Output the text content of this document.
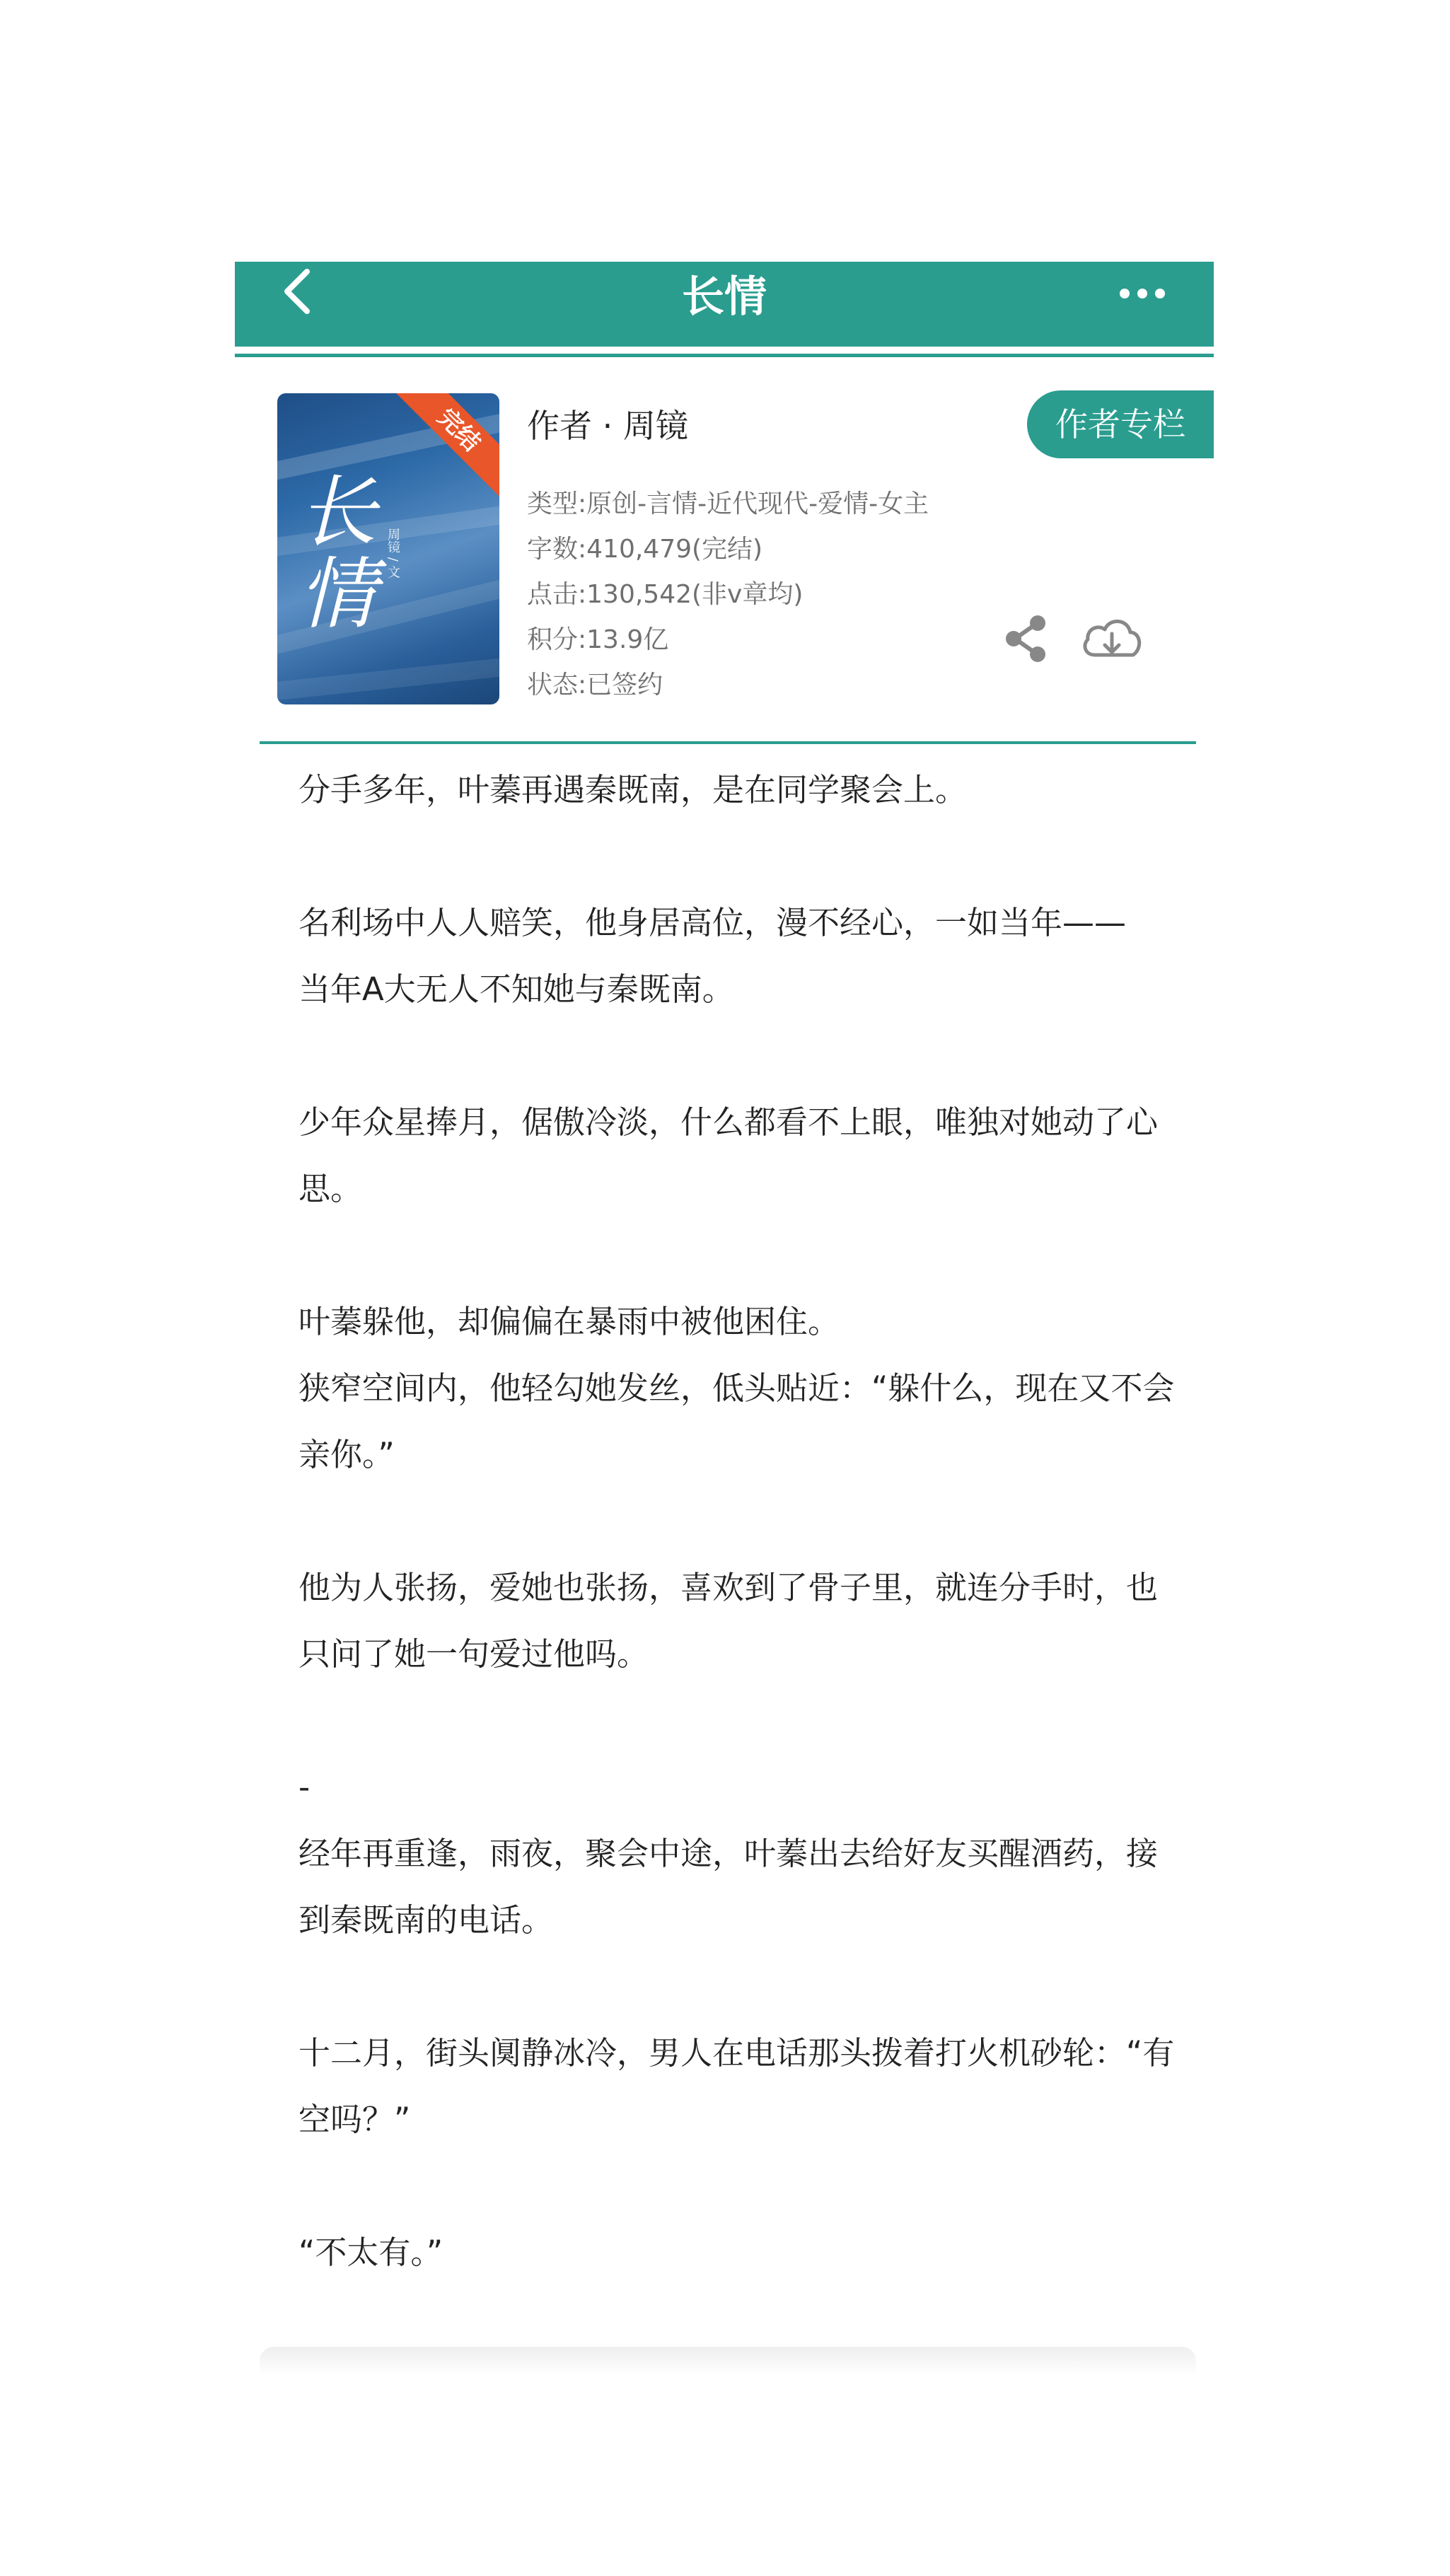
长情
长情 周镜 / 文
完结	作者 · 周镜	作者专栏
类型:原创-言情-近代现代-爱情-女主
字数:410,479(完结)
点击:130,542(非v章均)
积分:13.9亿
状态:已签约

分手多年，叶蓁再遇秦既南，是在同学聚会上。

名利场中人人赔笑，他身居高位，漫不经心，一如当年——

当年A大无人不知她与秦既南。

少年众星捧月，倨傲冷淡，什么都看不上眼，唯独对她动了心思。

叶蓁躲他，却偏偏在暴雨中被他困住。

狭窄空间内，他轻勾她发丝，低头贴近：“躲什么，现在又不会亲你。”

他为人张扬，爱她也张扬，喜欢到了骨子里，就连分手时，也只问了她一句爱过他吗。

-

经年再重逢，雨夜，聚会中途，叶蓁出去给好友买醒酒药，接到秦既南的电话。

十二月，街头阒静冰冷，男人在电话那头拨着打火机砂轮：“有空吗？”

“不太有。”
